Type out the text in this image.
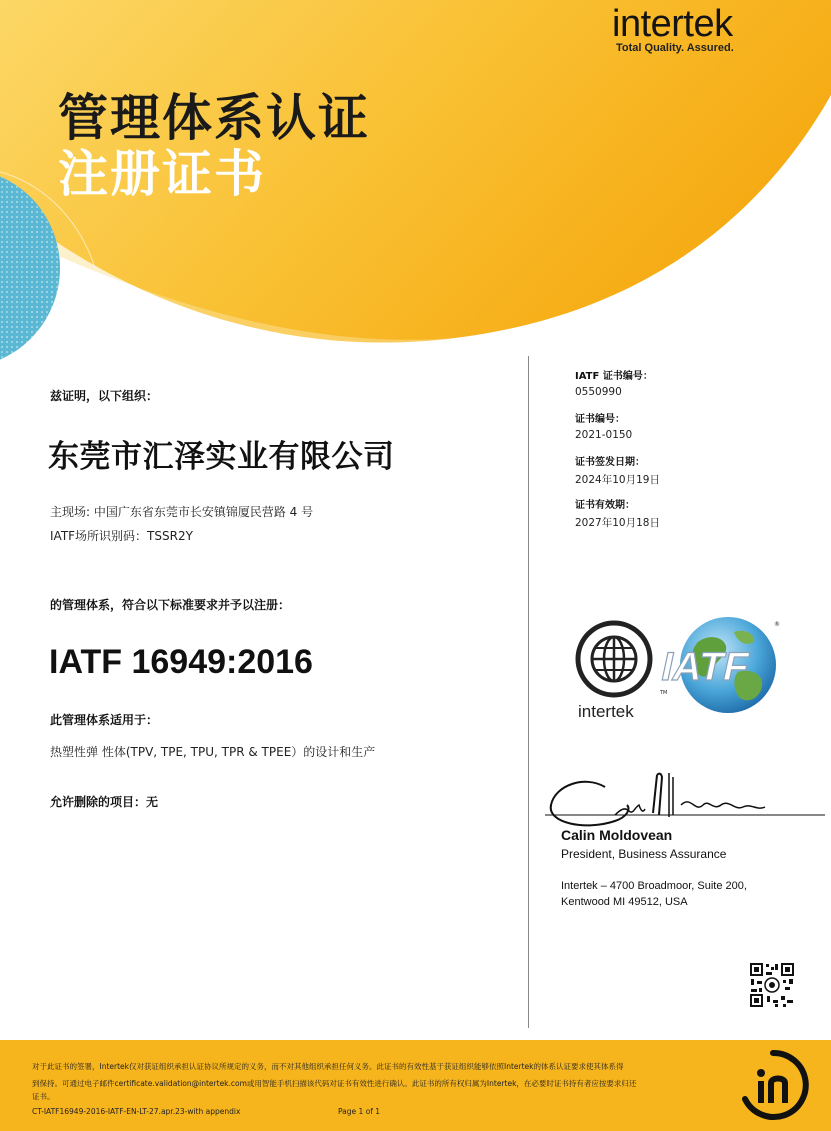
intertek
Total Quality. Assured.
管理体系认证
注册证书
兹证明，以下组织：
东莞市汇泽实业有限公司
主现场: 中国广东省东莞市长安镇锦厦民营路 4 号
IATF场所识别码：TSSR2Y
的管理体系，符合以下标准要求并予以注册：
IATF 16949:2016
此管理体系适用于：
热塑性弹 性体(TPV, TPE, TPU, TPR & TPEE）的设计和生产
允许删除的项目：无
IATF 证书编号：
0550990
证书编号：
2021-0150
证书签发日期：
2024年10月19日
证书有效期：
2027年10月18日
TM
intertek
IATF
®
Calin Moldovean
President, Business Assurance
Intertek – 4700 Broadmoor, Suite 200,
Kentwood MI 49512, USA
对于此证书的签署，Intertek仅对获证组织承担认证协议所规定的义务，而不对其他组织承担任何义务。此证书的有效性基于获证组织能够依照Intertek的体系认证要求使其体系得
到保持。可通过电子邮件certificate.validation@intertek.com或用智能手机扫描该代码对证书有效性进行确认。此证书的所有权归属为Intertek，在必要时证书持有者应按要求归还
证书。
CT-IATF16949-2016-IATF-EN-LT-27.apr.23-with appendix	Page 1 of 1
